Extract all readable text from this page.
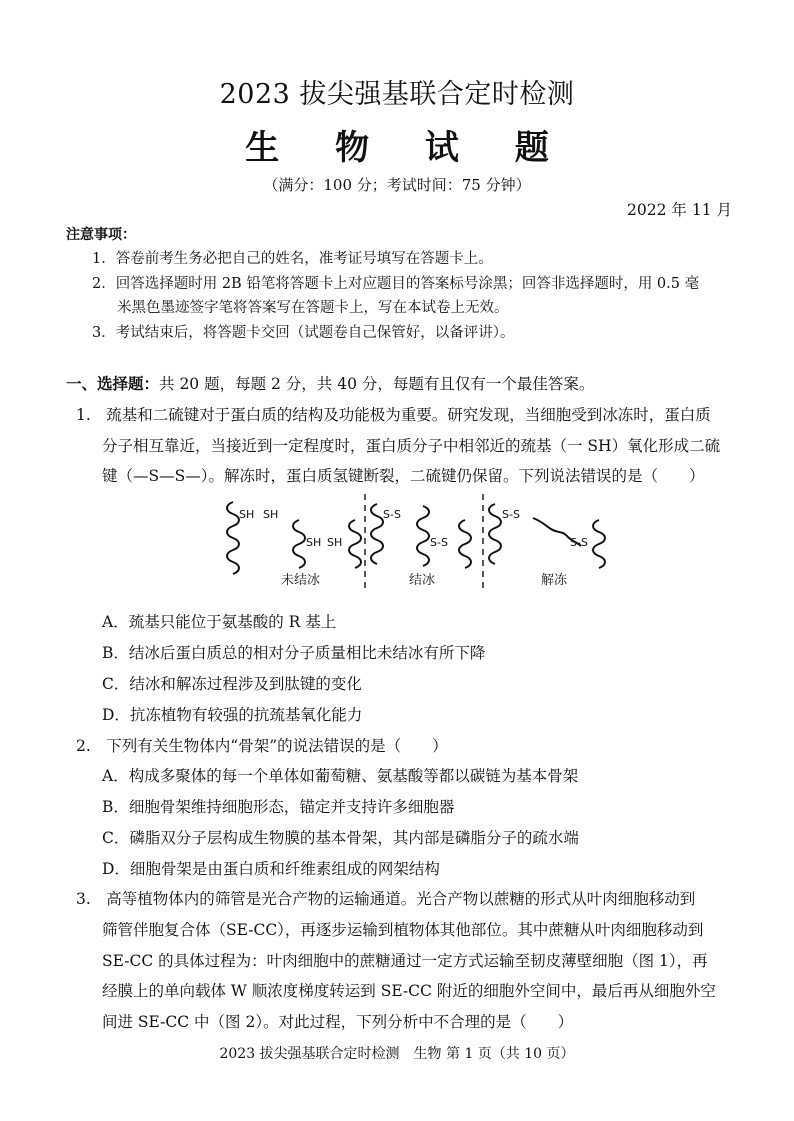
2023 拔尖强基联合定时检测
生 物 试 题
（满分：100 分；考试时间：75 分钟）
2022 年 11 月
注意事项：
1．答卷前考生务必把自己的姓名，准考证号填写在答题卡上。
2．回答选择题时用 2B 铅笔将答题卡上对应题目的答案标号涂黑；回答非选择题时，用 0.5 毫
米黑色墨迹签字笔将答案写在答题卡上，写在本试卷上无效。
3．考试结束后，将答题卡交回（试题卷自己保管好，以备评讲）。
一、选择题：共 20 题，每题 2 分，共 40 分，每题有且仅有一个最佳答案。
1.　巯基和二硫键对于蛋白质的结构及功能极为重要。研究发现，当细胞受到冰冻时，蛋白质
分子相互靠近，当接近到一定程度时，蛋白质分子中相邻近的巯基（一 SH）氧化形成二硫
键（—S—S—）。解冻时，蛋白质氢键断裂，二硫键仍保留。下列说法错误的是（　　）
SH SH
SH SH
S-S
S-S
S-S
S-S
未结冰	结冰	解冻
A．巯基只能位于氨基酸的 R 基上
B．结冰后蛋白质总的相对分子质量相比未结冰有所下降
C．结冰和解冻过程涉及到肽键的变化
D．抗冻植物有较强的抗巯基氧化能力
2.　下列有关生物体内“骨架”的说法错误的是（　　）
A．构成多聚体的每一个单体如葡萄糖、氨基酸等都以碳链为基本骨架
B．细胞骨架维持细胞形态，锚定并支持许多细胞器
C．磷脂双分子层构成生物膜的基本骨架，其内部是磷脂分子的疏水端
D．细胞骨架是由蛋白质和纤维素组成的网架结构
3.　高等植物体内的筛管是光合产物的运输通道。光合产物以蔗糖的形式从叶肉细胞移动到
筛管伴胞复合体（SE-CC），再逐步运输到植物体其他部位。其中蔗糖从叶肉细胞移动到
SE-CC 的具体过程为：叶肉细胞中的蔗糖通过一定方式运输至韧皮薄壁细胞（图 1），再
经膜上的单向载体 W 顺浓度梯度转运到 SE-CC 附近的细胞外空间中，最后再从细胞外空
间进 SE-CC 中（图 2）。对此过程，下列分析中不合理的是（　　）
2023 拔尖强基联合定时检测　生物 第 1 页（共 10 页）
